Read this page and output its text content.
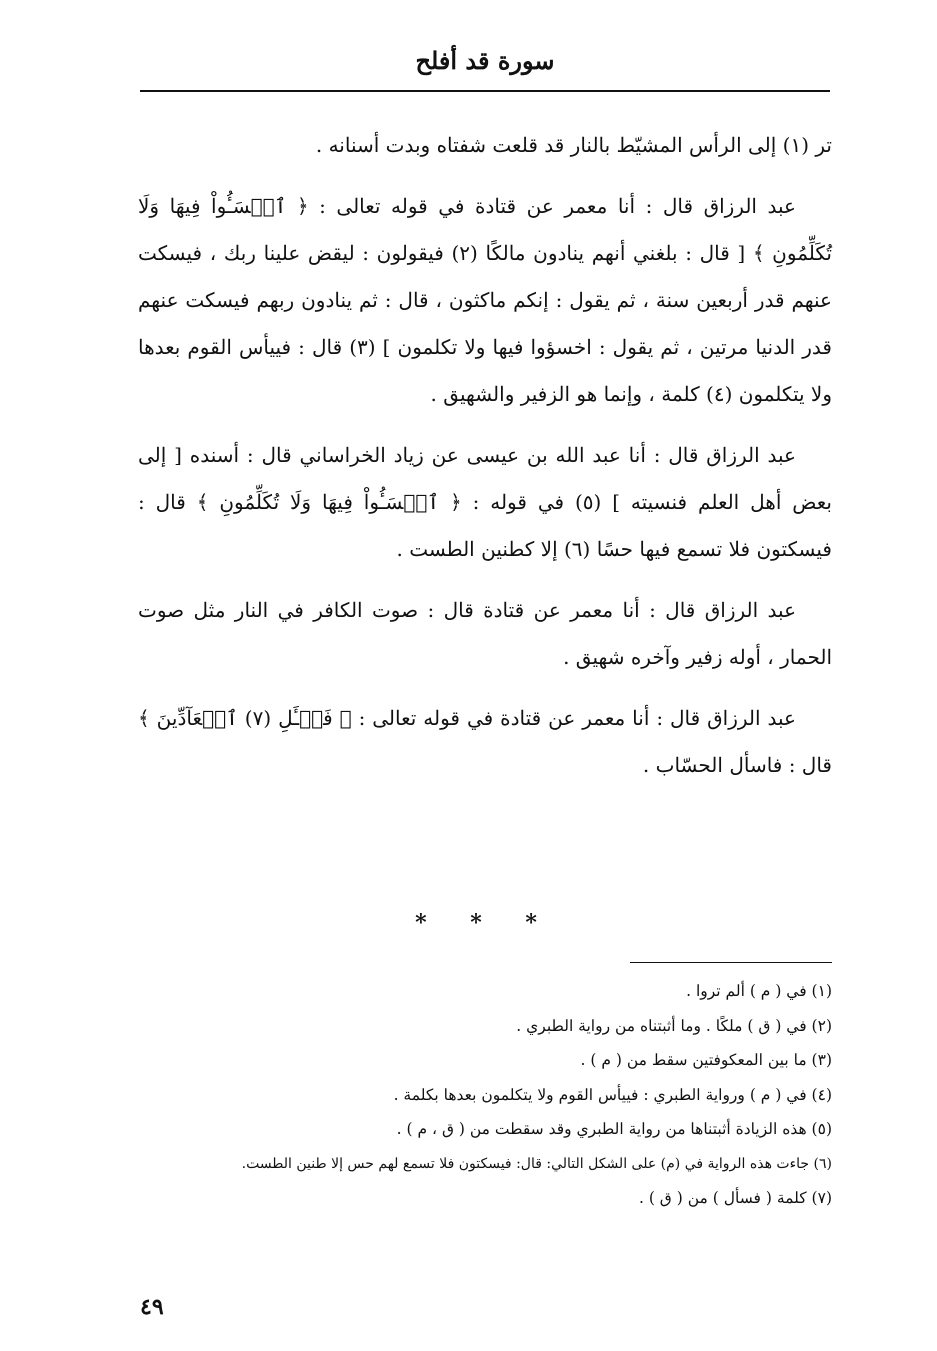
سورة قد أفلح

تر (١) إلى الرأس المشيّط بالنار قد قلعت شفتاه وبدت أسنانه .

عبد الرزاق قال : أنا معمر عن قتادة في قوله تعالى : ﴿ ٱخۡسَـُٔواْ فِيهَا وَلَا تُكَلِّمُونِ ﴾ [ قال : بلغني أنهم ينادون مالكًا (٢) فيقولون : ليقض علينا ربك ، فيسكت عنهم قدر أربعين سنة ، ثم يقول : إنكم ماكثون ، قال : ثم ينادون ربهم فيسكت عنهم قدر الدنيا مرتين ، ثم يقول : اخسؤوا فيها ولا تكلمون ] (٣) قال : فييأس القوم بعدها ولا يتكلمون (٤) كلمة ، وإنما هو الزفير والشهيق .

عبد الرزاق قال : أنا عبد الله بن عيسى عن زياد الخراساني قال : أسنده [ إلى بعض أهل العلم فنسيته ] (٥) في قوله : ﴿ ٱخۡسَـُٔواْ فِيهَا وَلَا تُكَلِّمُونِ ﴾ قال : فيسكتون فلا تسمع فيها حسًا (٦) إلا كطنين الطست .

عبد الرزاق قال : أنا معمر عن قتادة قال : صوت الكافر في النار مثل صوت الحمار ، أوله زفير وآخره شهيق .

عبد الرزاق قال : أنا معمر عن قتادة في قوله تعالى : ﴿ فَسۡـَٔلِ (٧) ٱلۡعَآدِّينَ ﴾ قال : فاسأل الحسّاب .

* * *
(١) في ( م ) ألم تروا .
(٢) في ( ق ) ملكًا . وما أثبتناه من رواية الطبري .
(٣) ما بين المعكوفتين سقط من ( م ) .
(٤) في ( م ) ورواية الطبري : فييأس القوم ولا يتكلمون بعدها بكلمة .
(٥) هذه الزيادة أثبتناها من رواية الطبري وقد سقطت من ( ق ، م ) .
(٦) جاءت هذه الرواية في (م) على الشكل التالي: قال: فيسكتون فلا تسمع لهم حس إلا طنين الطست.
(٧) كلمة ( فسأل ) من ( ق ) .
٤٩
